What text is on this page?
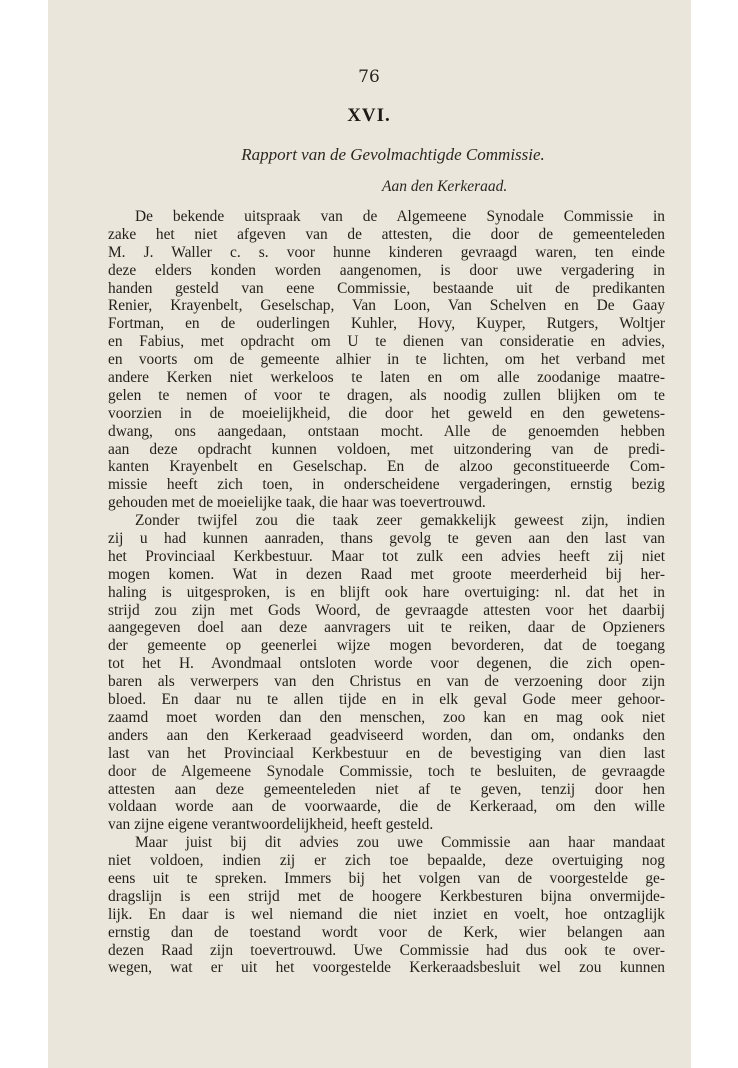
76
XVI.
Rapport van de Gevolmachtigde Commissie.
Aan den Kerkeraad.
De bekende uitspraak van de Algemeene Synodale Commissie in
zake het niet afgeven van de attesten, die door de gemeenteleden
M. J. Waller c. s. voor hunne kinderen gevraagd waren, ten einde
deze elders konden worden aangenomen, is door uwe vergadering in
handen gesteld van eene Commissie, bestaande uit de predikanten
Renier, Krayenbelt, Geselschap, Van Loon, Van Schelven en De Gaay
Fortman, en de ouderlingen Kuhler, Hovy, Kuyper, Rutgers, Woltjer
en Fabius, met opdracht om U te dienen van consideratie en advies,
en voorts om de gemeente alhier in te lichten, om het verband met
andere Kerken niet werkeloos te laten en om alle zoodanige maatre-
gelen te nemen of voor te dragen, als noodig zullen blijken om te
voorzien in de moeielijkheid, die door het geweld en den gewetens-
dwang, ons aangedaan, ontstaan mocht. Alle de genoemden hebben
aan deze opdracht kunnen voldoen, met uitzondering van de predi-
kanten Krayenbelt en Geselschap. En de alzoo geconstitueerde Com-
missie heeft zich toen, in onderscheidene vergaderingen, ernstig bezig
gehouden met de moeielijke taak, die haar was toevertrouwd.
Zonder twijfel zou die taak zeer gemakkelijk geweest zijn, indien
zij u had kunnen aanraden, thans gevolg te geven aan den last van
het Provinciaal Kerkbestuur. Maar tot zulk een advies heeft zij niet
mogen komen. Wat in dezen Raad met groote meerderheid bij her-
haling is uitgesproken, is en blijft ook hare overtuiging: nl. dat het in
strijd zou zijn met Gods Woord, de gevraagde attesten voor het daarbij
aangegeven doel aan deze aanvragers uit te reiken, daar de Opzieners
der gemeente op geenerlei wijze mogen bevorderen, dat de toegang
tot het H. Avondmaal ontsloten worde voor degenen, die zich open-
baren als verwerpers van den Christus en van de verzoening door zijn
bloed. En daar nu te allen tijde en in elk geval Gode meer gehoor-
zaamd moet worden dan den menschen, zoo kan en mag ook niet
anders aan den Kerkeraad geadviseerd worden, dan om, ondanks den
last van het Provinciaal Kerkbestuur en de bevestiging van dien last
door de Algemeene Synodale Commissie, toch te besluiten, de gevraagde
attesten aan deze gemeenteleden niet af te geven, tenzij door hen
voldaan worde aan de voorwaarde, die de Kerkeraad, om den wille
van zijne eigene verantwoordelijkheid, heeft gesteld.
Maar juist bij dit advies zou uwe Commissie aan haar mandaat
niet voldoen, indien zij er zich toe bepaalde, deze overtuiging nog
eens uit te spreken. Immers bij het volgen van de voorgestelde ge-
dragslijn is een strijd met de hoogere Kerkbesturen bijna onvermijde-
lijk. En daar is wel niemand die niet inziet en voelt, hoe ontzaglijk
ernstig dan de toestand wordt voor de Kerk, wier belangen aan
dezen Raad zijn toevertrouwd. Uwe Commissie had dus ook te over-
wegen, wat er uit het voorgestelde Kerkeraadsbesluit wel zou kunnen
